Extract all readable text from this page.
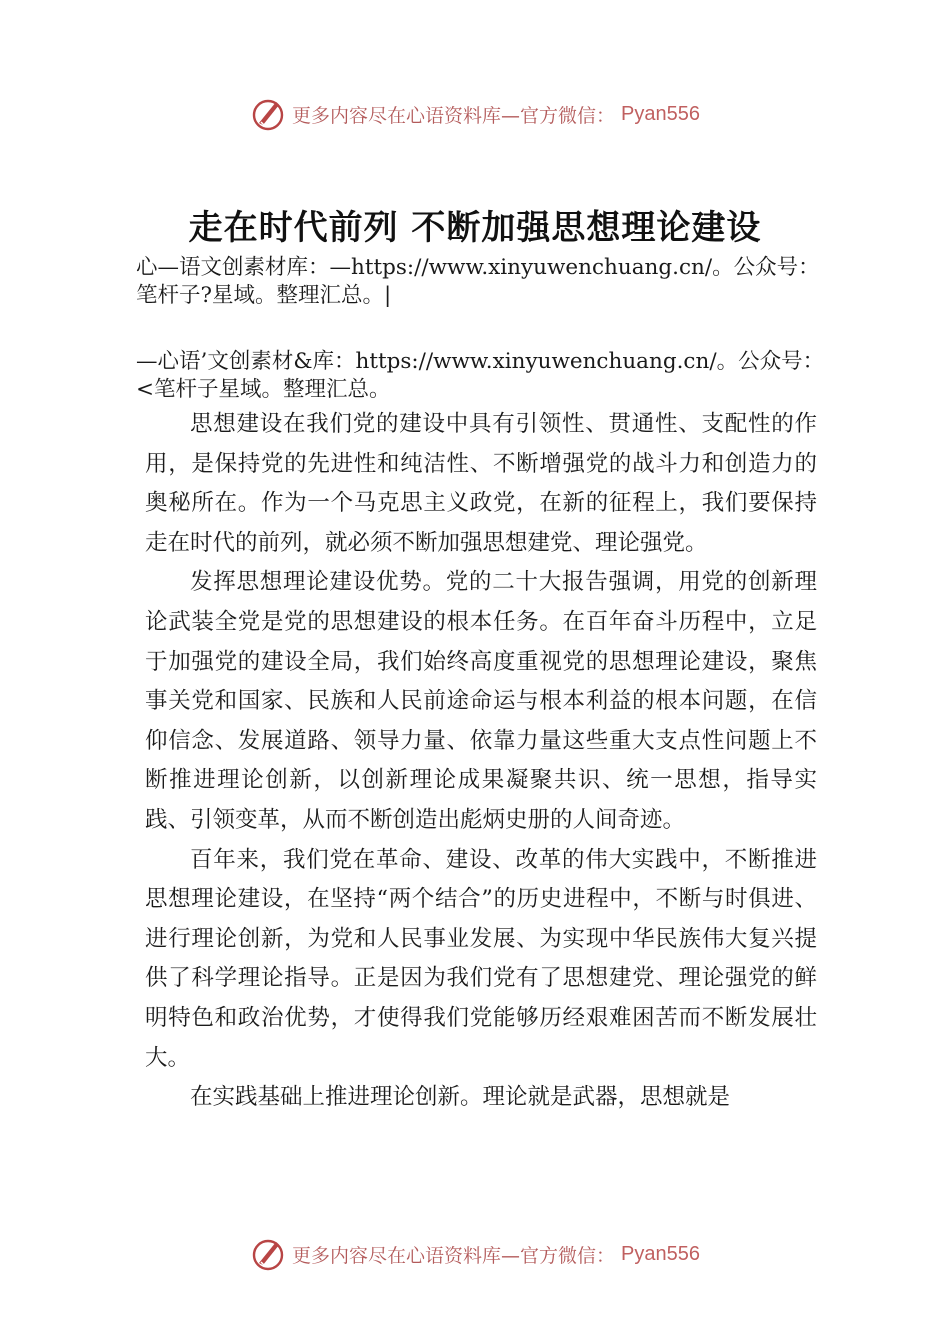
更多内容尽在心语资料库—官方微信： Pyan556
走在时代前列 不断加强思想理论建设
心—语文创素材库：—https://www.xinyuwenchuang.cn/。公众号：笔杆子?星域。整理汇总。|
—心语’文创素材&库：https://www.xinyuwenchuang.cn/。公众号：<笔杆子星域。整理汇总。

思想建设在我们党的建设中具有引领性、贯通性、支配性的作用，是保持党的先进性和纯洁性、不断增强党的战斗力和创造力的奥秘所在。作为一个马克思主义政党，在新的征程上，我们要保持走在时代的前列，就必须不断加强思想建党、理论强党。

发挥思想理论建设优势。党的二十大报告强调，用党的创新理论武装全党是党的思想建设的根本任务。在百年奋斗历程中，立足于加强党的建设全局，我们始终高度重视党的思想理论建设，聚焦事关党和国家、民族和人民前途命运与根本利益的根本问题，在信仰信念、发展道路、领导力量、依靠力量这些重大支点性问题上不断推进理论创新，以创新理论成果凝聚共识、统一思想，指导实践、引领变革，从而不断创造出彪炳史册的人间奇迹。

百年来，我们党在革命、建设、改革的伟大实践中，不断推进思想理论建设，在坚持“两个结合”的历史进程中，不断与时俱进、进行理论创新，为党和人民事业发展、为实现中华民族伟大复兴提供了科学理论指导。正是因为我们党有了思想建党、理论强党的鲜明特色和政治优势，才使得我们党能够历经艰难困苦而不断发展壮大。

在实践基础上推进理论创新。理论就是武器，思想就是

更多内容尽在心语资料库—官方微信： Pyan556
